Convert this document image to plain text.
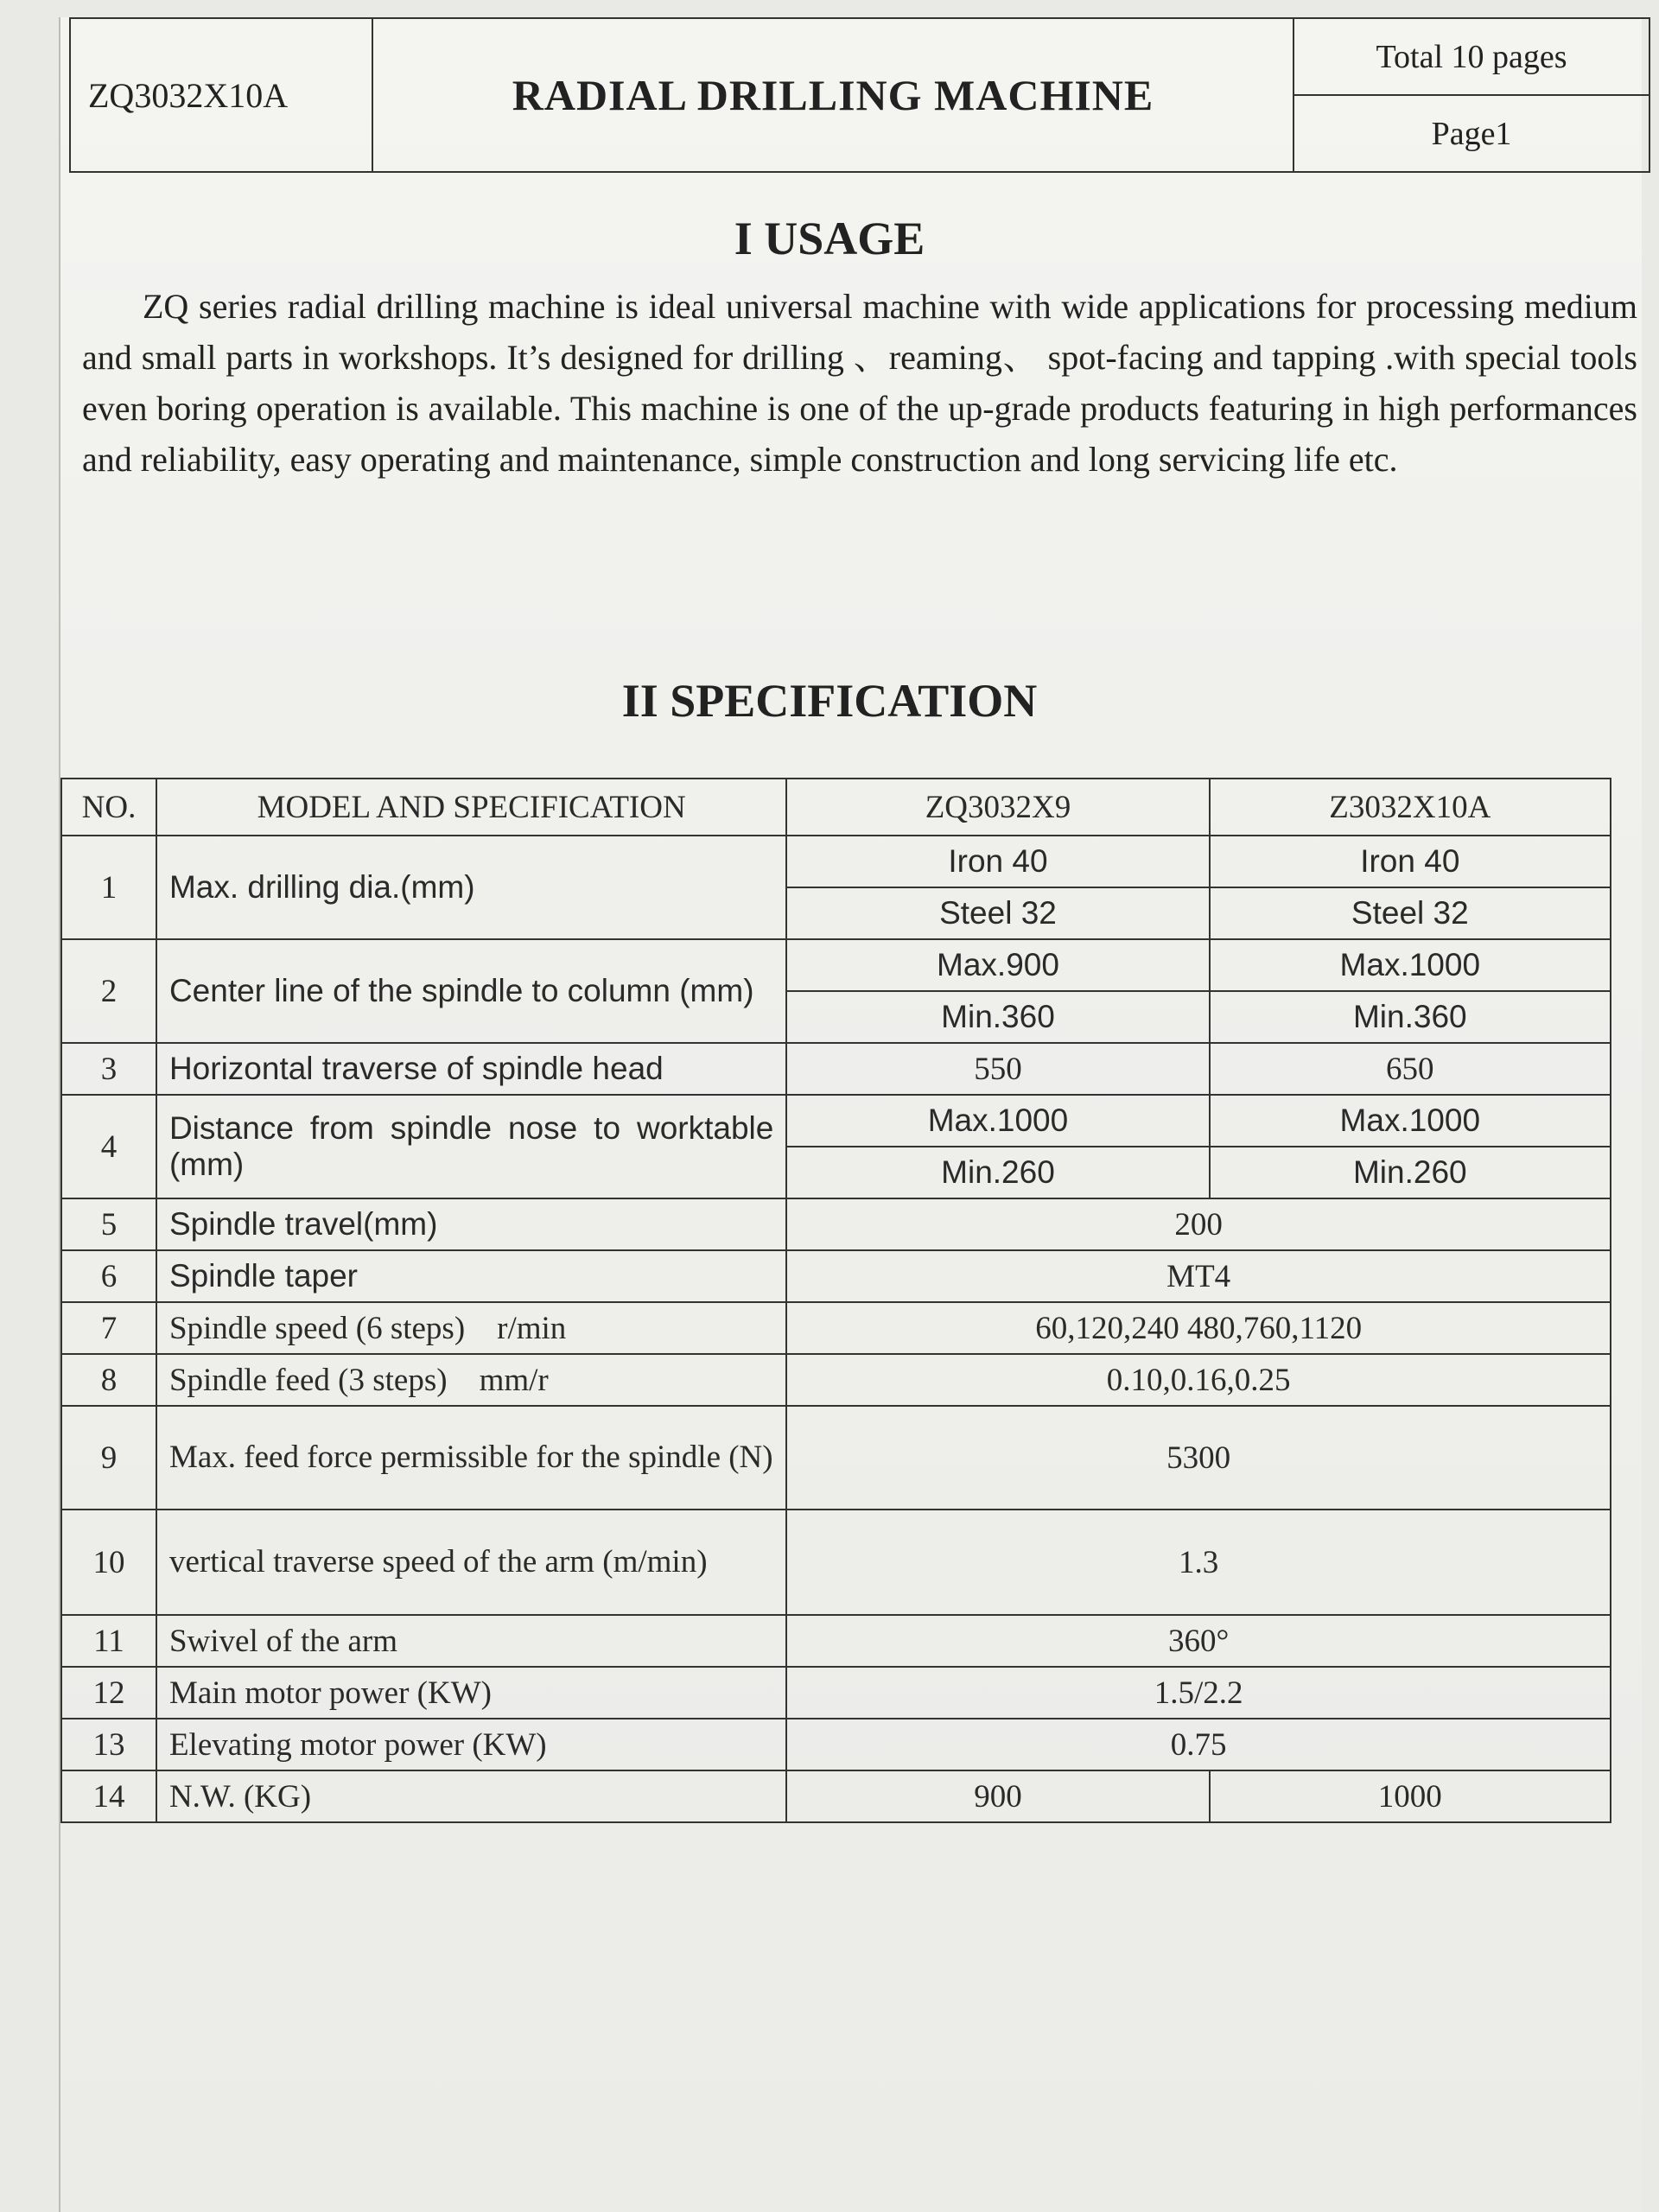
ZQ3032X10A	RADIAL DRILLING MACHINE
Total 10 pages
Page1
I USAGE

ZQ series radial drilling machine is ideal universal machine with wide applications for processing medium and small parts in workshops. It’s designed for drilling 、reaming、 spot-facing and tapping .with special tools even boring operation is available. This machine is one of the up-grade products featuring in high performances and reliability, easy operating and maintenance, simple construction and long servicing life etc.

II SPECIFICATION
NO.	MODEL AND SPECIFICATION	ZQ3032X9	Z3032X10A
1	Max. drilling dia.(mm)	Iron 40	Iron 40
		Steel 32	Steel 32
2	Center line of the spindle to column (mm)	Max.900	Max.1000
		Min.360	Min.360
3	Horizontal traverse of spindle head	550	650
4	Distance from spindle nose to worktable (mm)	Max.1000	Max.1000
		Min.260	Min.260
5	Spindle travel(mm)	200	
6	Spindle taper	MT4	
7	Spindle speed (6 steps)    r/min	60,120,240 480,760,1120	
8	Spindle feed (3 steps)    mm/r	0.10,0.16,0.25	
9	Max. feed force permissible for the spindle (N)	5300	
10	vertical traverse speed of the arm (m/min)	1.3	
11	Swivel of the arm	360°	
12	Main motor power (KW)	1.5/2.2	
13	Elevating motor power (KW)	0.75	
14	N.W. (KG)	900	1000
